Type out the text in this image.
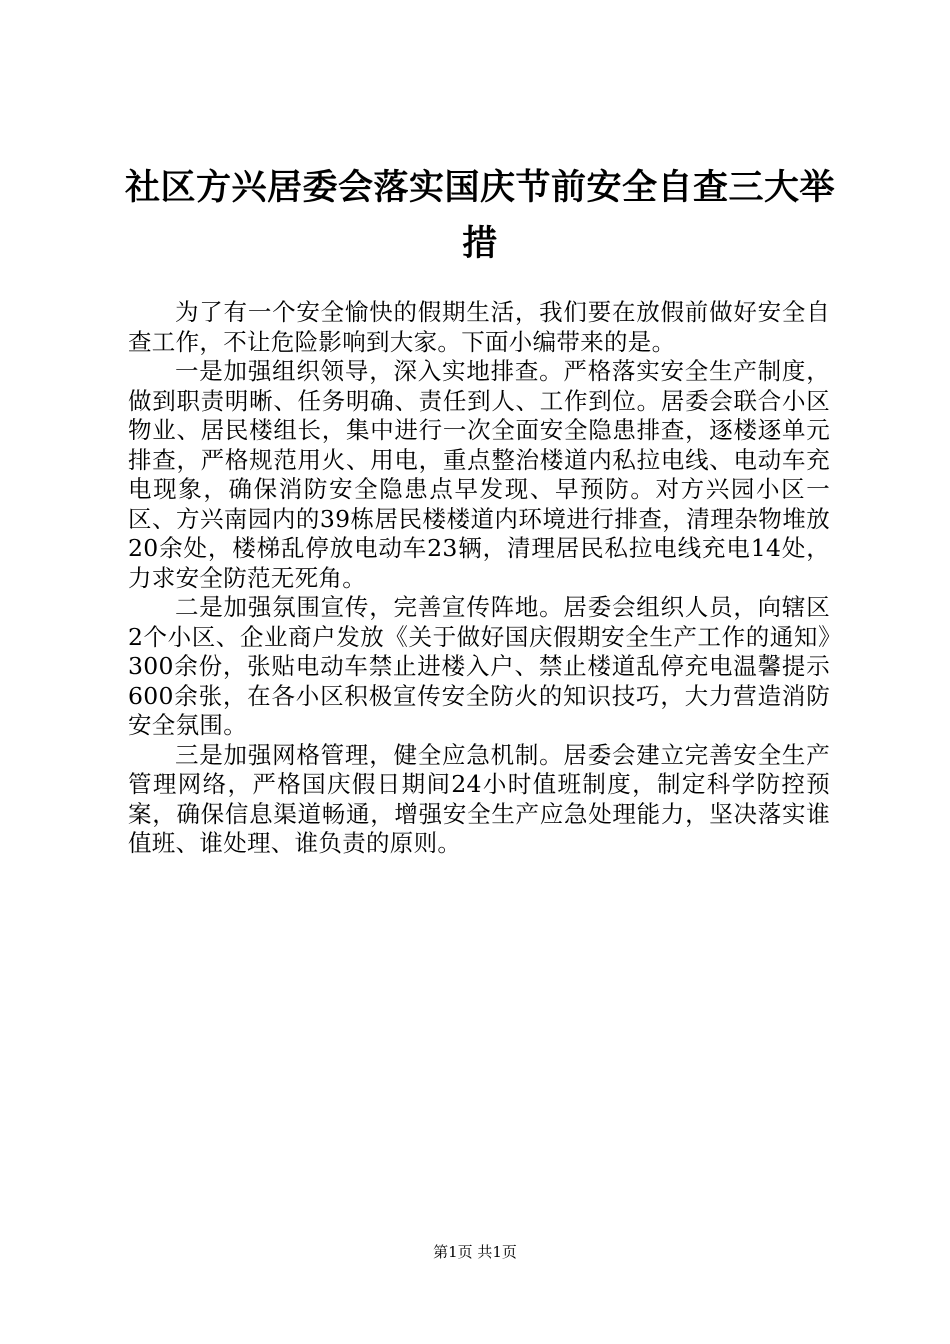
社区方兴居委会落实国庆节前安全自查三大举措

为了有一个安全愉快的假期生活，我们要在放假前做好安全自查工作，不让危险影响到大家。下面小编带来的是。

一是加强组织领导，深入实地排查。严格落实安全生产制度，做到职责明晰、任务明确、责任到人、工作到位。居委会联合小区物业、居民楼组长，集中进行一次全面安全隐患排查，逐楼逐单元排查，严格规范用火、用电，重点整治楼道内私拉电线、电动车充电现象，确保消防安全隐患点早发现、早预防。对方兴园小区一区、方兴南园内的39栋居民楼楼道内环境进行排查，清理杂物堆放20余处，楼梯乱停放电动车23辆，清理居民私拉电线充电14处，力求安全防范无死角。

二是加强氛围宣传，完善宣传阵地。居委会组织人员，向辖区2个小区、企业商户发放《关于做好国庆假期安全生产工作的通知》300余份，张贴电动车禁止进楼入户、禁止楼道乱停充电温馨提示600余张，在各小区积极宣传安全防火的知识技巧，大力营造消防安全氛围。

三是加强网格管理，健全应急机制。居委会建立完善安全生产管理网络，严格国庆假日期间24小时值班制度，制定科学防控预案，确保信息渠道畅通，增强安全生产应急处理能力，坚决落实谁值班、谁处理、谁负责的原则。

第1页 共1页
